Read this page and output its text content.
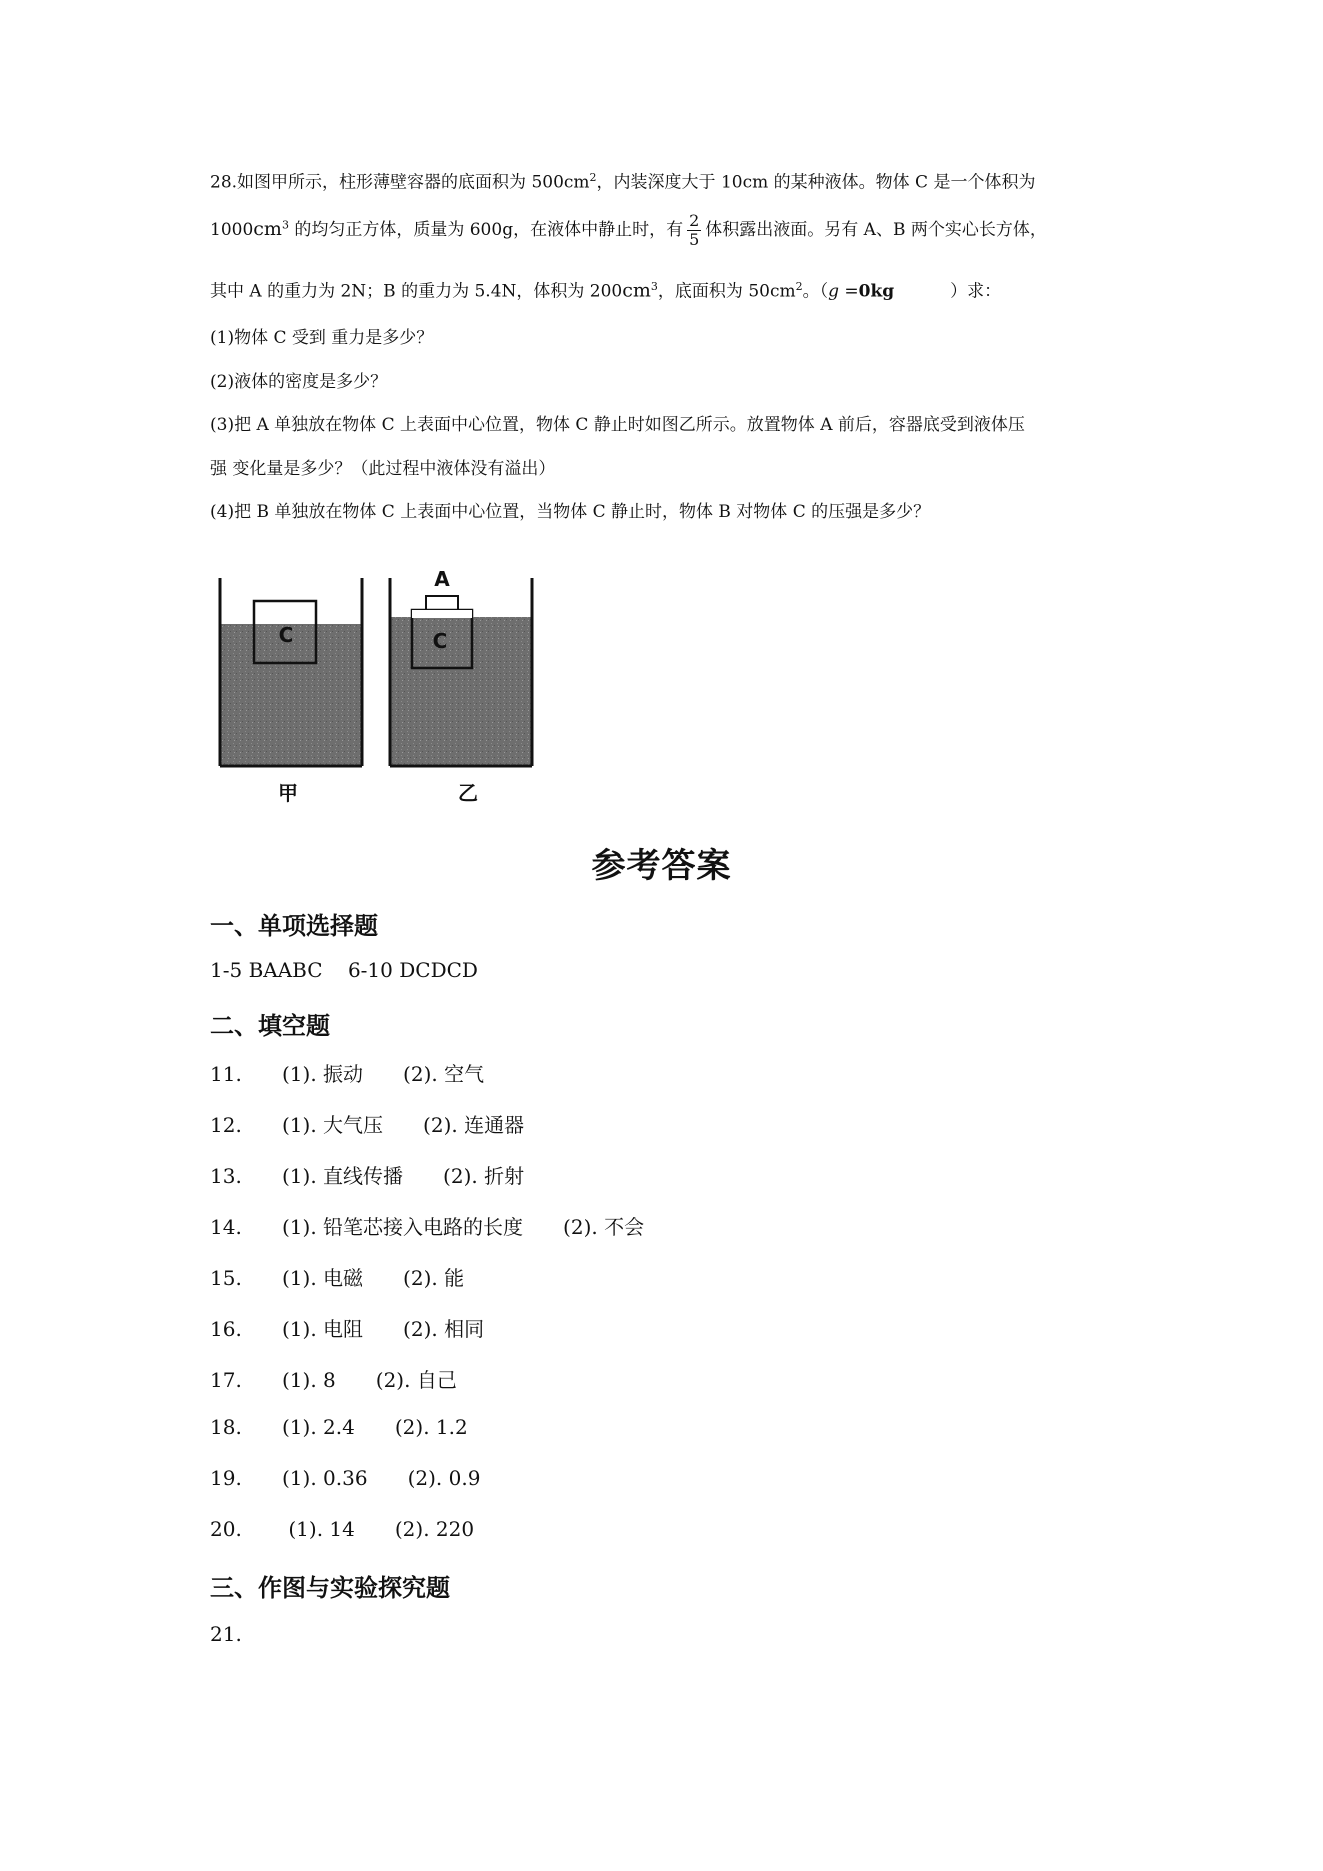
28.如图甲所示，柱形薄壁容器的底面积为 $500cm^2$，内装深度大于 10cm 的某种液体。物体 C 是一个体积为
$1000cm^3$ 的均匀正方体，质量为 600g，在液体中静止时，有 $\frac{2}{5}$ 体积露出液面。另有 A、B 两个实心长方体，
其中 A 的重力为 2N；B 的重力为 5.4N，体积为 $200cm^3$，底面积为 $50cm^2$。（g =0kg	）求：
(1)物体 C 受到 重力是多少？
(2)液体的密度是多少？
(3)把 A 单独放在物体 C 上表面中心位置，物体 C 静止时如图乙所示。放置物体 A 前后，容器底受到液体压
强 变化量是多少？（此过程中液体没有溢出）
(4)把 B 单独放在物体 C 上表面中心位置，当物体 C 静止时，物体 B 对物体 C 的压强是多少？
C
A
C
甲	乙
参考答案
一、单项选择题
1-5 BAABC    6-10 DCDCD
二、填空题
11. (1). 振动 (2). 空气
12. (1). 大气压 (2). 连通器
13. (1). 直线传播 (2). 折射
14. (1). 铅笔芯接入电路的长度 (2). 不会
15. (1). 电磁 (2). 能
16. (1). 电阻 (2). 相同
17. (1). 8 (2). 自己
18. (1). 2.4 (2). 1.2
19. (1). 0.36 (2). 0.9
20. (1). 14 (2). 220
三、作图与实验探究题
21.
